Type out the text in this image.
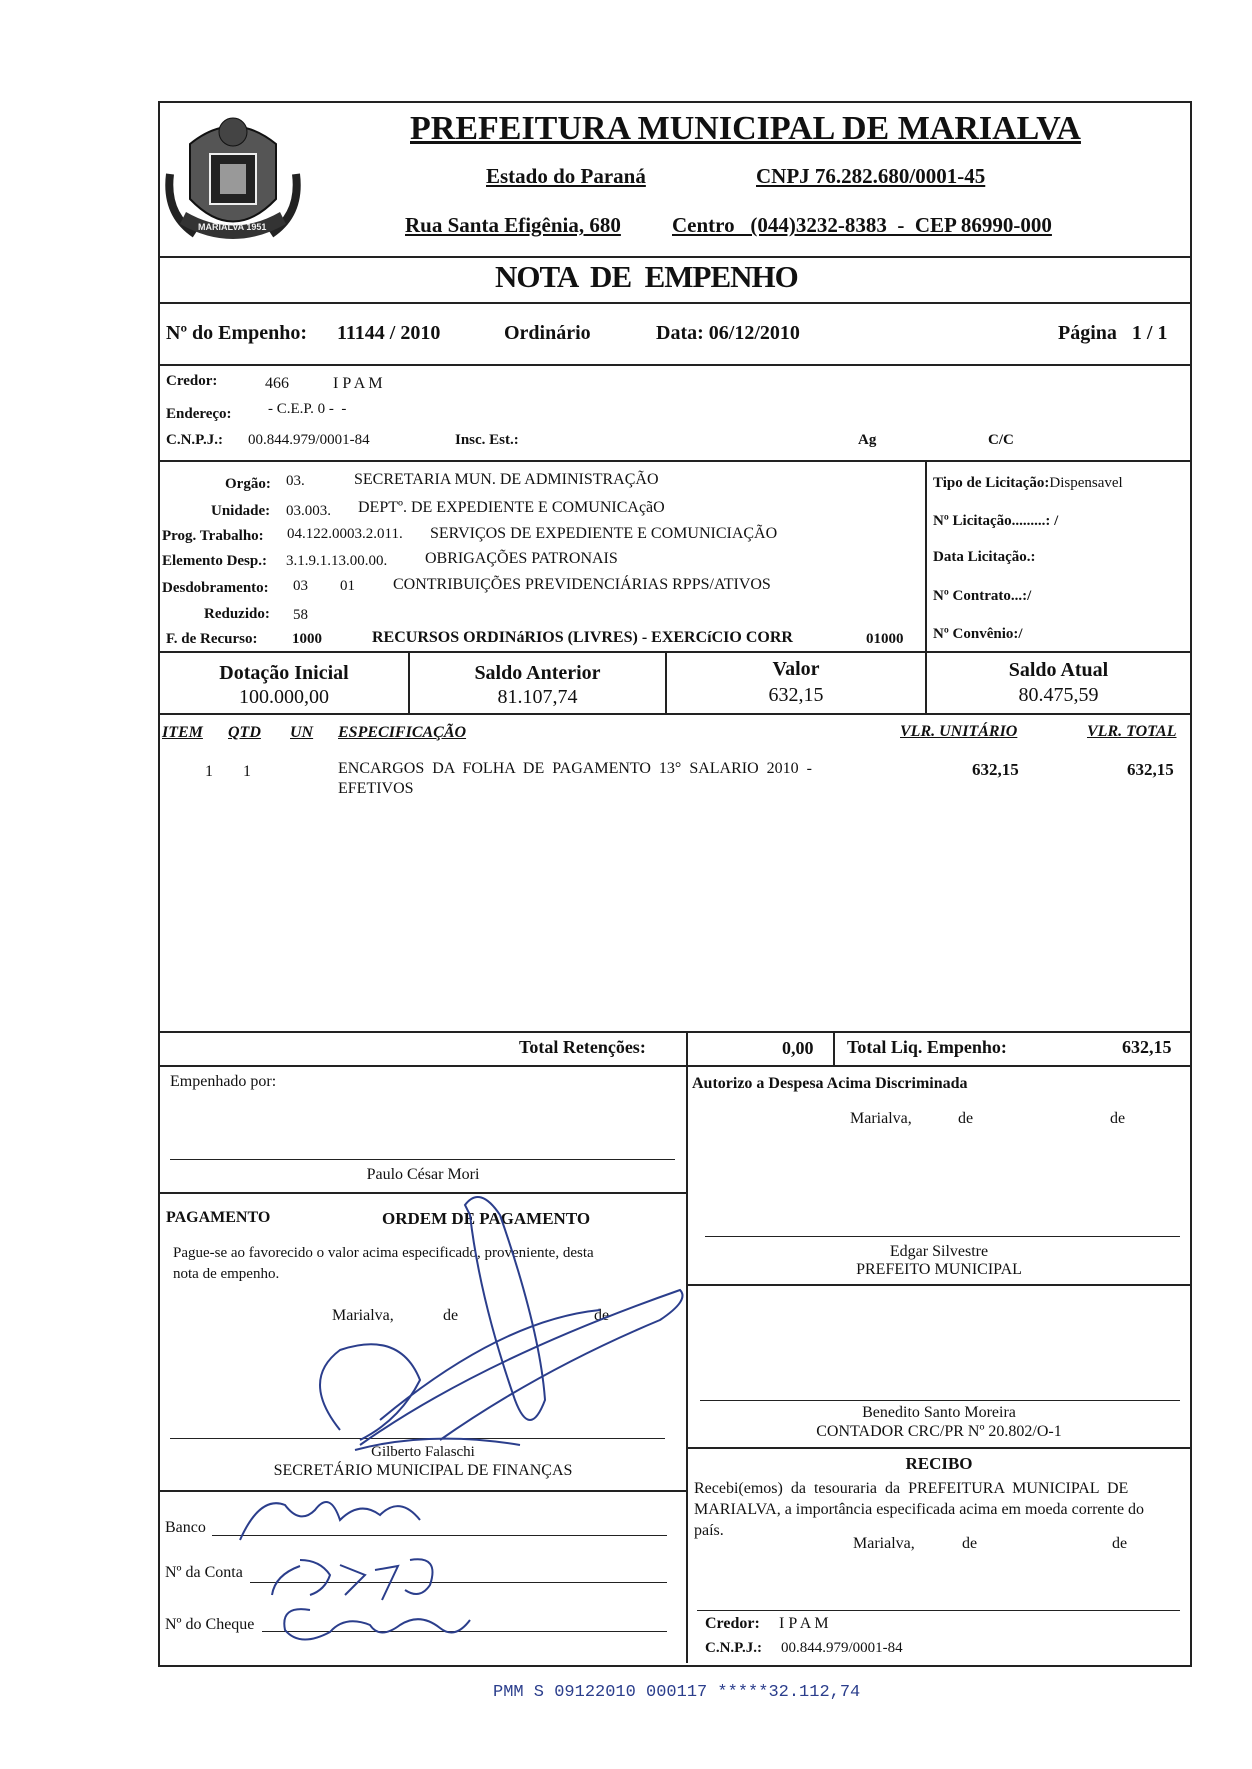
MARIALVA 1951
PREFEITURA MUNICIPAL DE MARIALVA
Estado do Paraná	CNPJ 76.282.680/0001-45
Rua Santa Efigênia, 680 Centro   (044)3232-8383  -  CEP 86990-000
NOTA  DE  EMPENHO
Nº do Empenho: 11144 / 2010	Ordinário	Data: 06/12/2010	Página   1 / 1
Credor:	466	I P A M
Endereço: - C.E.P. 0 -  -
C.N.P.J.: 00.844.979/0001-84	Insc. Est.:	Ag	C/C
Orgão: 03.	SECRETARIA MUN. DE ADMINISTRAÇÃO
Unidade: 03.003. DEPTº. DE EXPEDIENTE E COMUNICAçãO
Prog. Trabalho: 04.122.0003.2.011. SERVIÇOS DE EXPEDIENTE E COMUNICIAÇÃO
Elemento Desp.: 3.1.9.1.13.00.00. OBRIGAÇÕES PATRONAIS
Desdobramento: 03 01 CONTRIBUIÇÕES PREVIDENCIÁRIAS RPPS/ATIVOS
Reduzido: 58
F. de Recurso: 1000	RECURSOS ORDINáRIOS (LIVRES) - EXERCíCIO CORR	01000
Tipo de Licitação:Dispensavel
Nº Licitação.........: /
Data Licitação.:
Nº Contrato...:/
Nº Convênio:/
Dotação Inicial
100.000,00
Saldo Anterior
81.107,74
Valor
632,15
Saldo Atual
80.475,59
ITEM QTD UN ESPECIFICAÇÃO	VLR. UNITÁRIO	VLR. TOTAL
1 1	ENCARGOS  DA  FOLHA  DE  PAGAMENTO  13°  SALARIO  2010  -
EFETIVOS
632,15	632,15
Total Retenções:	0,00 Total Liq. Empenho:	632,15
Empenhado por:
Paulo César Mori
Autorizo a Despesa Acima Discriminada
Marialva,	de	de
Edgar Silvestre
PREFEITO MUNICIPAL
Benedito Santo Moreira
CONTADOR CRC/PR Nº 20.802/O-1
PAGAMENTO	ORDEM DE PAGAMENTO
Pague-se ao favorecido o valor acima especificado, proveniente, desta
nota de empenho.
Marialva,	de	de
Gilberto Falaschi
SECRETÁRIO MUNICIPAL DE FINANÇAS
Banco
Nº da Conta
Nº do Cheque
RECIBO
Recebi(emos)  da  tesouraria  da  PREFEITURA  MUNICIPAL  DE
MARIALVA, a importância especificada acima em moeda corrente do
país.
Marialva,	de	de
Credor: I P A M
C.N.P.J.: 00.844.979/0001-84
PMM S 09122010 000117 *****32.112,74
